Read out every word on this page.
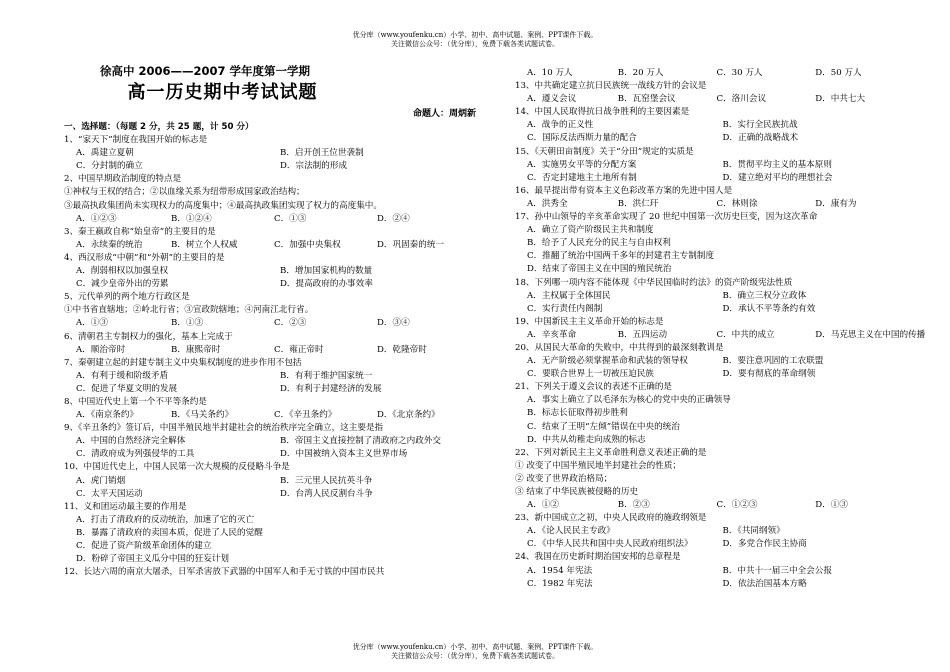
优分库（www.youfenku.cn）小学、初中、高中试题、案例、PPT课件下载。
关注微信公众号：（优分库），免费下载各类试题试卷。
徐高中 2006——2007 学年度第一学期
高一历史期中考试试题
命题人：周炳新
一、选择题：（每题 2 分，共 25 题，计 50 分）
1、“家天下”制度在我国开始的标志是
A．禹建立夏朝	B．启开创王位世袭制
C．分封制的确立	D．宗法制的形成
2、中国早期政治制度的特点是
①神权与王权的结合；②以血缘关系为纽带形成国家政治结构；
③最高执政集团尚未实现权力的高度集中；④最高执政集团实现了权力的高度集中。
A．①②③	B．①②④	C．①③	D．②④
3、秦王嬴政自称“始皇帝”的主要目的是
A．永续秦的统治	B．树立个人权威	C．加强中央集权	D．巩固秦的统一
4、西汉形成“中朝”和“外朝”的主要目的是
A．削弱相权以加强皇权	B．增加国家机构的数量
C．减少皇帝外出的劳累	D．提高政府的办事效率
5、元代单列的两个地方行政区是
①中书省直辖地；②岭北行省；③宣政院辖地；④河南江北行省。
A．①③	B．①③	C．②③	D．③④
6、清朝君主专制权力的强化，基本上完成于
A．顺治帝时	B．康熙帝时	C．雍正帝时	D．乾隆帝时
7、秦朝建立起的封建专制主义中央集权制度的进步作用不包括
A．有利于缓和阶级矛盾	B．有利于维护国家统一
C．促进了华夏文明的发展	D．有利于封建经济的发展
8、中国近代史上第一个不平等条约是
A．《南京条约》	B．《马关条约》	C．《辛丑条约》	D．《北京条约》
9、《辛丑条约》签订后，中国半殖民地半封建社会的统治秩序完全确立，这主要是指
A．中国的自然经济完全解体	B．帝国主义直接控制了清政府之内政外交
C．清政府成为列强侵华的工具	D．中国被纳入资本主义世界市场
10、中国近代史上，中国人民第一次大规模的反侵略斗争是
A．虎门销烟	B．三元里人民抗英斗争
C．太平天国运动	D．台湾人民反割台斗争
11、义和团运动最主要的作用是
A．打击了清政府的反动统治，加速了它的灭亡
B．暴露了清政府的卖国本质，促进了人民的觉醒
C．促进了资产阶级革命团体的建立
D．粉碎了帝国主义瓜分中国的狂妄计划
12、长达六周的南京大屠杀，日军杀害放下武器的中国军人和手无寸铁的中国市民共
A．10 万人	B．20 万人	C．30 万人	D．50 万人
13、中共确定建立抗日民族统一战线方针的会议是
A．遵义会议	B．瓦窑堡会议	C．洛川会议	D．中共七大
14、中国人民取得抗日战争胜利的主要因素是
A．战争的正义性	B．实行全民族抗战
C．国际反法西斯力量的配合	D．正确的战略战术
15、《天朝田亩制度》关于“分田”规定的实质是
A．实施男女平等的分配方案	B．贯彻平均主义的基本原则
C．否定封建地主土地所有制	D．建立绝对平均的理想社会
16、最早提出带有资本主义色彩改革方案的先进中国人是
A．洪秀全	B．洪仁玕	C．林则徐	D．康有为
17、孙中山领导的辛亥革命实现了 20 世纪中国第一次历史巨变，因为这次革命
A．确立了资产阶级民主共和制度
B．给予了人民充分的民主与自由权利
C．推翻了统治中国两千多年的封建君主专制制度
D．结束了帝国主义在中国的殖民统治
18、下列哪一项内容不能体现《中华民国临时约法》的资产阶级宪法性质
A．主权属于全体国民	B．确立三权分立政体
C．实行责任内阁制	D．承认不平等条约有效
19、中国新民主主义革命开始的标志是
A．辛亥革命	B．五四运动	C．中共的成立	D．马克思主义在中国的传播
20、从国民大革命的失败中，中共得到的最深刻教训是
A．无产阶级必须掌握革命和武装的领导权	B．要注意巩固的工农联盟
C．要联合世界上一切被压迫民族	D．要有彻底的革命纲领
21、下列关于遵义会议的表述不正确的是
A．事实上确立了以毛泽东为核心的党中央的正确领导
B．标志长征取得初步胜利
C．结束了王明“左倾”错误在中央的统治
D．中共从幼稚走向成熟的标志
22、下列对新民主主义革命胜利意义表述正确的是
① 改变了中国半殖民地半封建社会的性质；
② 改变了世界政治格局；
③ 结束了中华民族被侵略的历史
A．①②	B．②③	C．①②③	D．①③
23、新中国成立之初，中央人民政府的施政纲领是
A．《论人民民主专政》	B．《共同纲领》
C．《中华人民共和国中央人民政府组织法》	D．多党合作民主协商
24、我国在历史新时期治国安邦的总章程是
A．1954 年宪法	B．中共十一届三中全会公报
C．1982 年宪法	D．依法治国基本方略
优分库（www.youfenku.cn）小学、初中、高中试题、案例、PPT课件下载。
关注微信公众号：（优分库），免费下载各类试题试卷。
